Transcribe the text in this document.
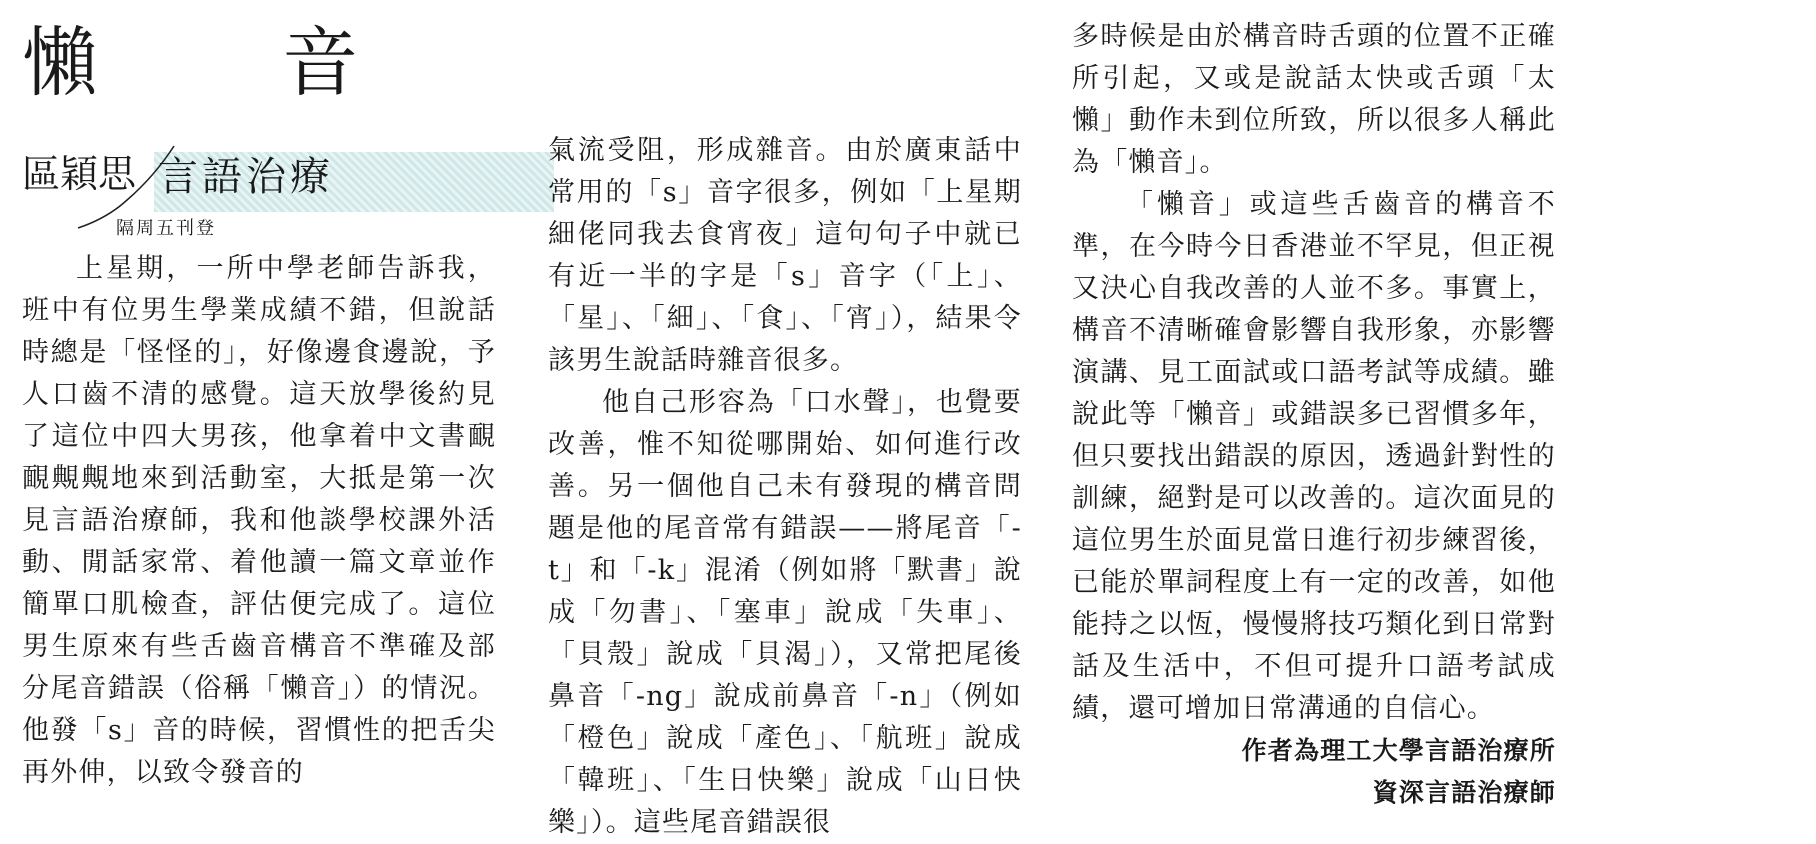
懶 音
區穎思 言語治療
隔周五刊登

上星期，一所中學老師告訴我，班中有位男生學業成績不錯，但說話時總是「怪怪的」，好像邊食邊說，予人口齒不清的感覺。這天放學後約見了這位中四大男孩，他拿着中文書靦靦覥覥地來到活動室，大抵是第一次見言語治療師，我和他談學校課外活動、閒話家常、着他讀一篇文章並作簡單口肌檢查，評估便完成了。這位男生原來有些舌齒音構音不準確及部分尾音錯誤（俗稱「懶音」）的情況。他發「s」音的時候，習慣性的把舌尖再外伸，以致令發音的

氣流受阻，形成雜音。由於廣東話中常用的「s」音字很多，例如「上星期細佬同我去食宵夜」這句句子中就已有近一半的字是「s」音字（「上」、「星」、「細」、「食」、「宵」），結果令該男生說話時雜音很多。

他自己形容為「口水聲」，也覺要改善，惟不知從哪開始、如何進行改善。另一個他自己未有發現的構音問題是他的尾音常有錯誤——將尾音「-t」和「-k」混淆（例如將「默書」說成「勿書」、「塞車」說成「失車」、「貝殼」說成「貝渴」），又常把尾後鼻音「-ng」說成前鼻音「-n」（例如「橙色」說成「產色」、「航班」說成「韓班」、「生日快樂」說成「山日快樂」）。這些尾音錯誤很

多時候是由於構音時舌頭的位置不正確所引起，又或是說話太快或舌頭「太懶」動作未到位所致，所以很多人稱此為「懶音」。

「懶音」或這些舌齒音的構音不準，在今時今日香港並不罕見，但正視又決心自我改善的人並不多。事實上，構音不清晰確會影響自我形象，亦影響演講、見工面試或口語考試等成績。雖說此等「懶音」或錯誤多已習慣多年，但只要找出錯誤的原因，透過針對性的訓練，絕對是可以改善的。這次面見的這位男生於面見當日進行初步練習後，已能於單詞程度上有一定的改善，如他能持之以恆，慢慢將技巧類化到日常對話及生活中，不但可提升口語考試成績，還可增加日常溝通的自信心。

作者為理工大學言語治療所
資深言語治療師
